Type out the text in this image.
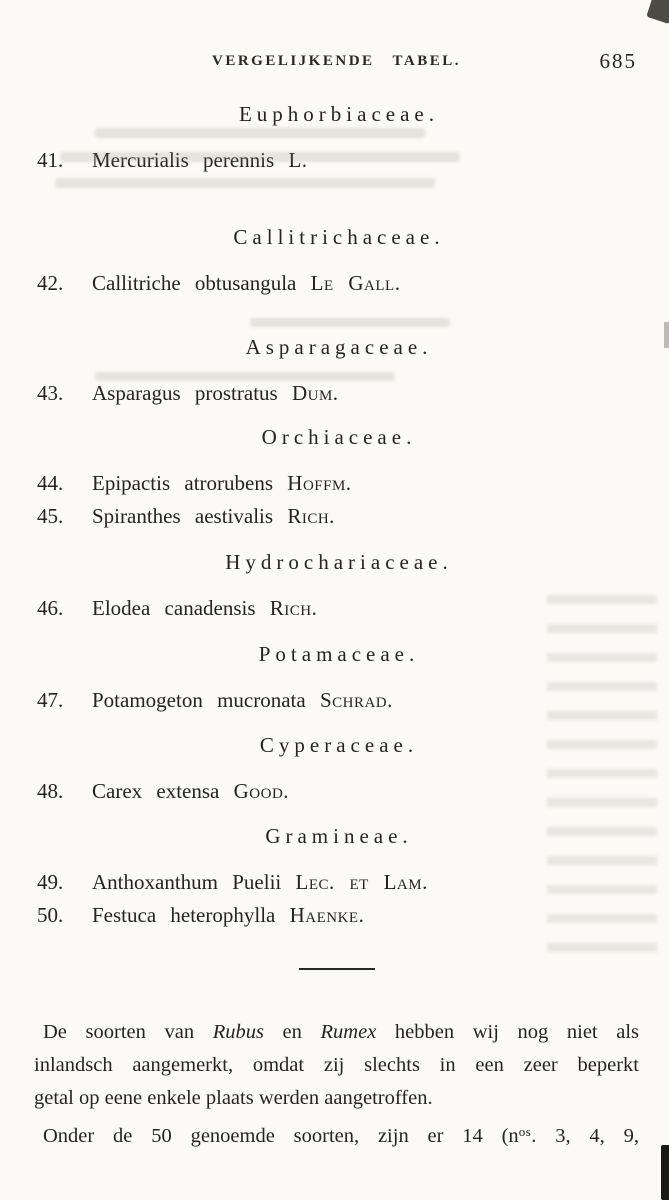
VERGELIJKENDE TABEL.	685
Euphorbiaceae.
41.	Mercurialis perennis L.
Callitrichaceae.
42.	Callitriche obtusangula Le Gall.
Asparagaceae.
43.	Asparagus prostratus Dum.
Orchiaceae.
44.	Epipactis atrorubens Hoffm.
45.	Spiranthes aestivalis Rich.
Hydrochariaceae.
46.	Elodea canadensis Rich.
Potamaceae.
47.	Potamogeton mucronata Schrad.
Cyperaceae.
48.	Carex extensa Good.
Gramineae.
49.	Anthoxanthum Puelii Lec. et Lam.
50.	Festuca heterophylla Haenke.

De soorten van Rubus en Rumex hebben wij nog niet als

inlandsch aangemerkt, omdat zij slechts in een zeer beperkt

getal op eene enkele plaats werden aangetroffen.

Onder de 50 genoemde soorten, zijn er 14 ($n^{os}$. 3, 4, 9,
